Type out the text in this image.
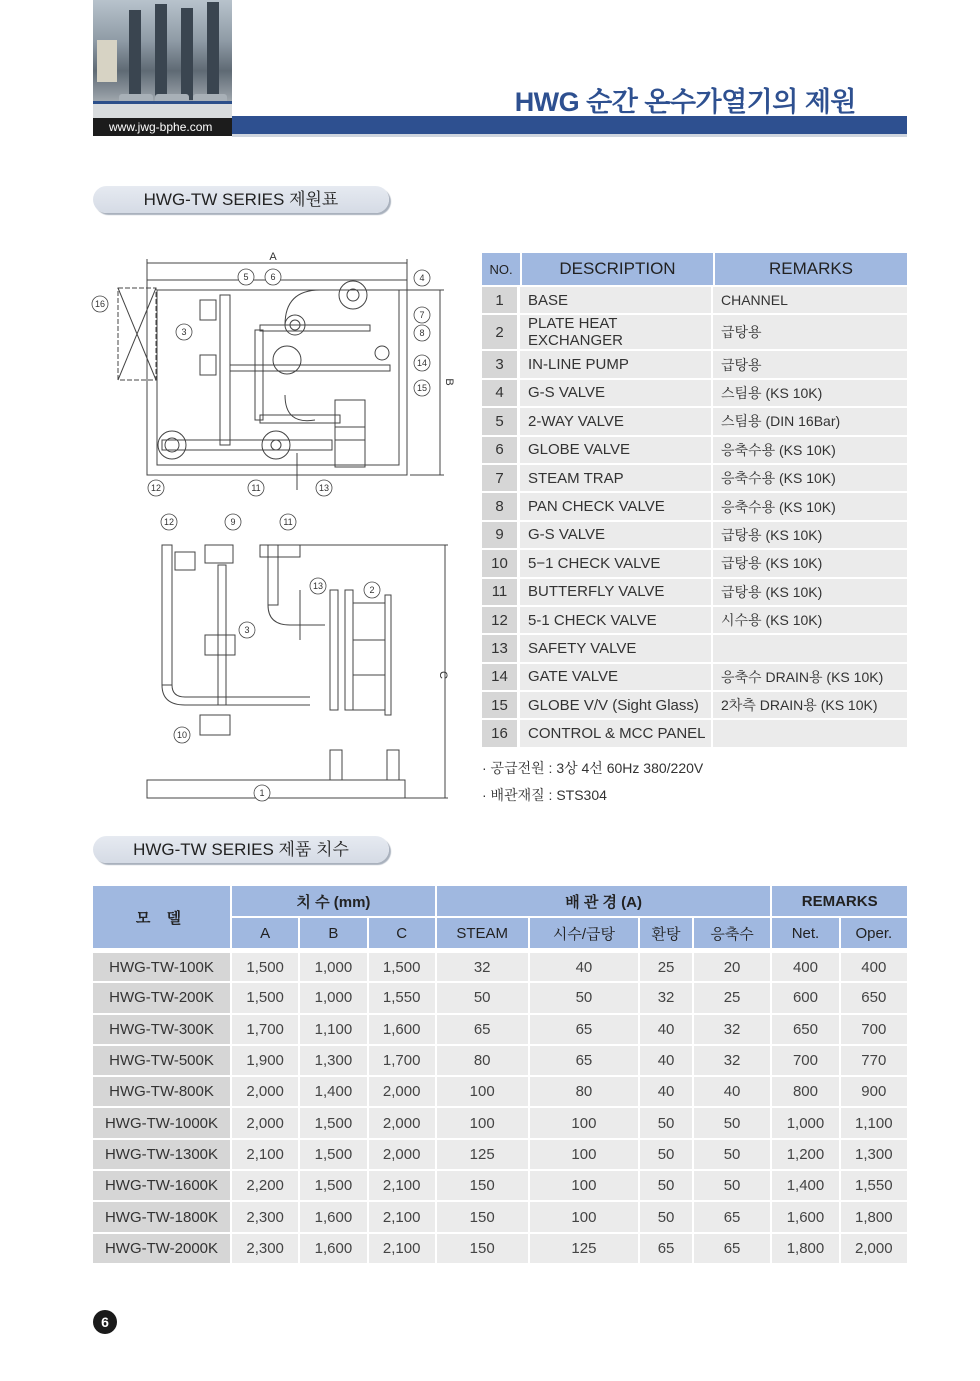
www.jwg-bphe.com
HWG 순간 온수가열기의 제원
HWG-TW SERIES 제원표
A
B
C
16
3
5 6	4
7
8
14
15
12	11	13
12	9	11
13	2
3
10
1
NO.	DESCRIPTION	REMARKS
1	BASE	CHANNEL
2	PLATE HEAT EXCHANGER	급탕용
3	IN-LINE PUMP	급탕용
4	G-S VALVE	스팀용 (KS 10K)
5	2-WAY VALVE	스팀용 (DIN 16Bar)
6	GLOBE VALVE	응축수용 (KS 10K)
7	STEAM TRAP	응축수용 (KS 10K)
8	PAN CHECK VALVE	응축수용 (KS 10K)
9	G-S VALVE	급탕용 (KS 10K)
10	5−1 CHECK VALVE	급탕용 (KS 10K)
11	BUTTERFLY VALVE	급탕용 (KS 10K)
12	5-1 CHECK VALVE	시수용 (KS 10K)
13	SAFETY VALVE	
14	GATE VALVE	응축수 DRAIN용 (KS 10K)
15	GLOBE V/V (Sight Glass)	2차측 DRAIN용 (KS 10K)
16	CONTROL & MCC PANEL	
· 공급전원 : 3상 4선 60Hz 380/220V
· 배관재질 : STS304
HWG-TW SERIES 제품 치수
모 델	치 수 (mm)			배 관 경 (A)				REMARKS	
	A	B	C	STEAM	시수/급탕	환탕	응축수	Net.	Oper.
HWG-TW-100K	1,500	1,000	1,500	32	40	25	20	400	400
HWG-TW-200K	1,500	1,000	1,550	50	50	32	25	600	650
HWG-TW-300K	1,700	1,100	1,600	65	65	40	32	650	700
HWG-TW-500K	1,900	1,300	1,700	80	65	40	32	700	770
HWG-TW-800K	2,000	1,400	2,000	100	80	40	40	800	900
HWG-TW-1000K	2,000	1,500	2,000	100	100	50	50	1,000	1,100
HWG-TW-1300K	2,100	1,500	2,000	125	100	50	50	1,200	1,300
HWG-TW-1600K	2,200	1,500	2,100	150	100	50	50	1,400	1,550
HWG-TW-1800K	2,300	1,600	2,100	150	100	50	65	1,600	1,800
HWG-TW-2000K	2,300	1,600	2,100	150	125	65	65	1,800	2,000
6
